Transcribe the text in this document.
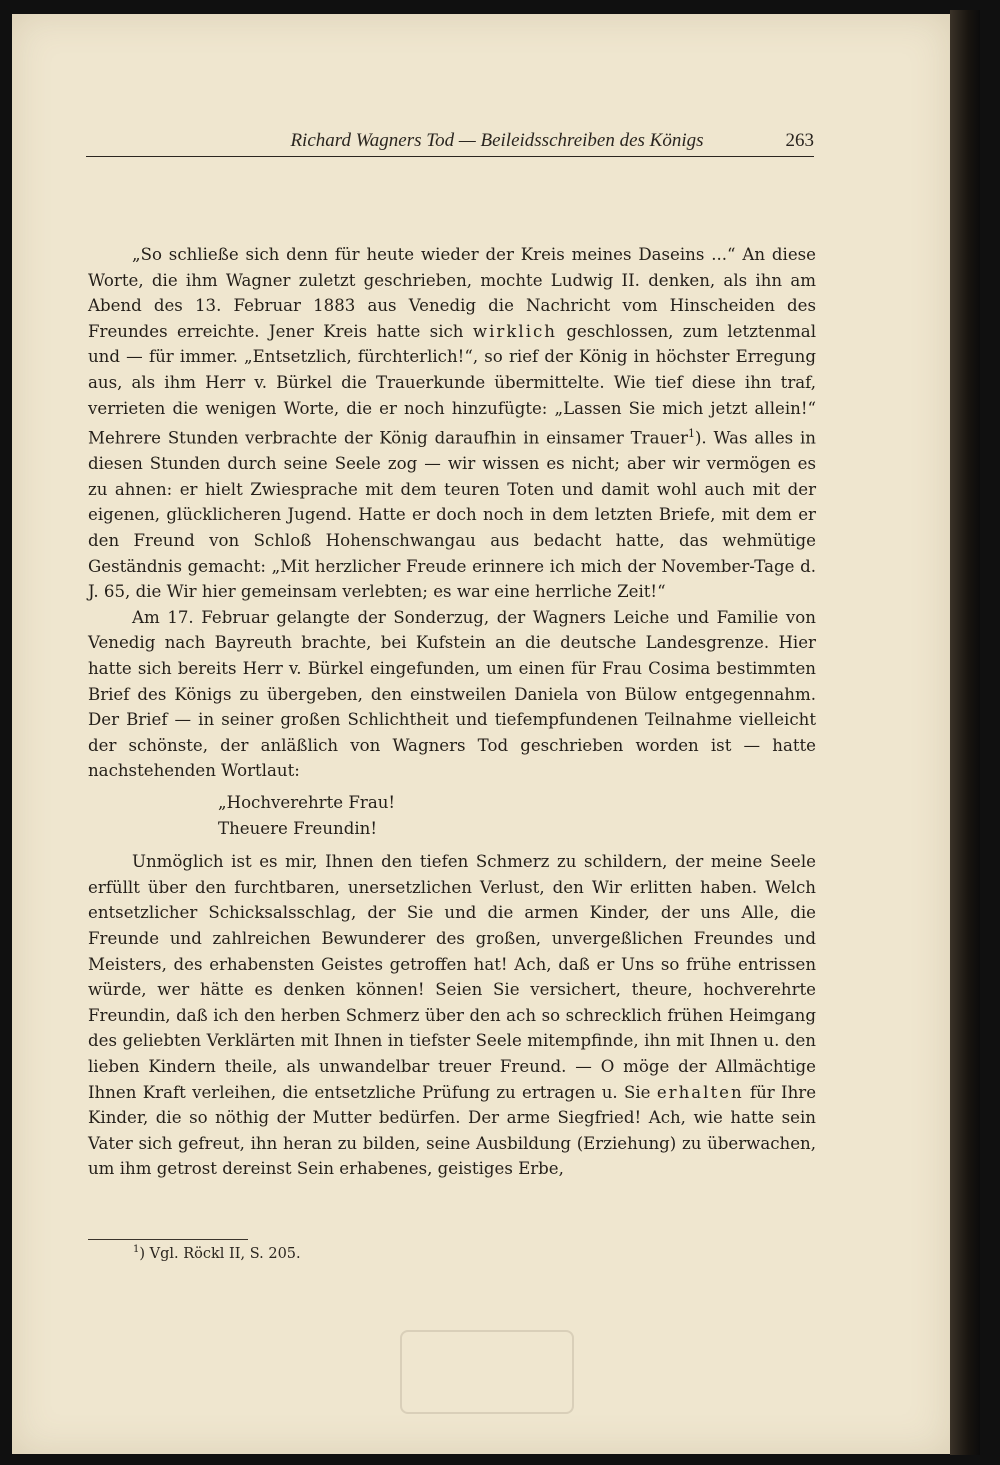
Richard Wagners Tod — Beileidsschreiben des Königs	263

„So schließe sich denn für heute wieder der Kreis meines Daseins ...“ An diese Worte, die ihm Wagner zuletzt geschrieben, mochte Ludwig II. denken, als ihn am Abend des 13. Februar 1883 aus Venedig die Nachricht vom Hinscheiden des Freundes erreichte. Jener Kreis hatte sich wirklich geschlossen, zum letztenmal und — für immer. „Entsetzlich, fürchterlich!“, so rief der König in höchster Erregung aus, als ihm Herr v. Bürkel die Trauerkunde übermittelte. Wie tief diese ihn traf, verrieten die wenigen Worte, die er noch hinzufügte: „Lassen Sie mich jetzt allein!“ Mehrere Stunden verbrachte der König daraufhin in einsamer Trauer$^1$). Was alles in diesen Stunden durch seine Seele zog — wir wissen es nicht; aber wir vermögen es zu ahnen: er hielt Zwiesprache mit dem teuren Toten und damit wohl auch mit der eigenen, glücklicheren Jugend. Hatte er doch noch in dem letzten Briefe, mit dem er den Freund von Schloß Hohenschwangau aus bedacht hatte, das wehmütige Geständnis gemacht: „Mit herzlicher Freude erinnere ich mich der November-Tage d. J. 65, die Wir hier gemeinsam verlebten; es war eine herrliche Zeit!“

Am 17. Februar gelangte der Sonderzug, der Wagners Leiche und Familie von Venedig nach Bayreuth brachte, bei Kufstein an die deutsche Landesgrenze. Hier hatte sich bereits Herr v. Bürkel eingefunden, um einen für Frau Cosima bestimmten Brief des Königs zu übergeben, den einstweilen Daniela von Bülow entgegennahm. Der Brief — in seiner großen Schlichtheit und tiefempfundenen Teilnahme vielleicht der schönste, der anläßlich von Wagners Tod geschrieben worden ist — hatte nachstehenden Wortlaut:

„Hochverehrte Frau!

Theuere Freundin!

Unmöglich ist es mir, Ihnen den tiefen Schmerz zu schildern, der meine Seele erfüllt über den furchtbaren, unersetzlichen Verlust, den Wir erlitten haben. Welch entsetzlicher Schicksalsschlag, der Sie und die armen Kinder, der uns Alle, die Freunde und zahlreichen Bewunderer des großen, unvergeßlichen Freundes und Meisters, des erhabensten Geistes getroffen hat! Ach, daß er Uns so frühe entrissen würde, wer hätte es denken können! Seien Sie versichert, theure, hochverehrte Freundin, daß ich den herben Schmerz über den ach so schrecklich frühen Heimgang des geliebten Verklärten mit Ihnen in tiefster Seele mitempfinde, ihn mit Ihnen u. den lieben Kindern theile, als unwandelbar treuer Freund. — O möge der Allmächtige Ihnen Kraft verleihen, die entsetzliche Prüfung zu ertragen u. Sie erhalten für Ihre Kinder, die so nöthig der Mutter bedürfen. Der arme Siegfried! Ach, wie hatte sein Vater sich gefreut, ihn heran zu bilden, seine Ausbildung (Erziehung) zu überwachen, um ihm getrost dereinst Sein erhabenes, geistiges Erbe,

$^1$) Vgl. Röckl II, S. 205.
